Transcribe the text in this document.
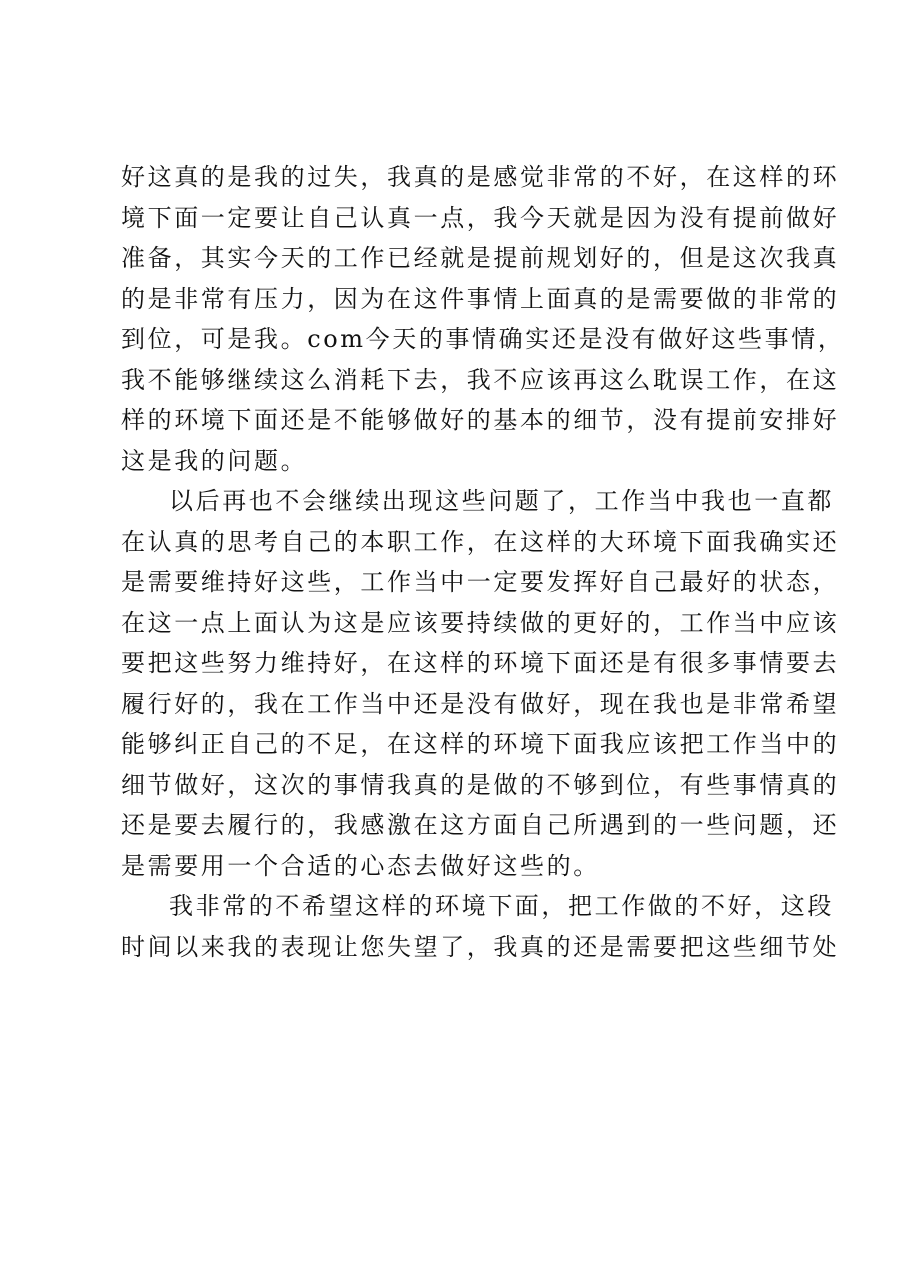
好这真的是我的过失，我真的是感觉非常的不好，在这样的环
境下面一定要让自己认真一点，我今天就是因为没有提前做好
准备，其实今天的工作已经就是提前规划好的，但是这次我真
的是非常有压力，因为在这件事情上面真的是需要做的非常的
到位，可是我。com今天的事情确实还是没有做好这些事情，
我不能够继续这么消耗下去，我不应该再这么耽误工作，在这
样的环境下面还是不能够做好的基本的细节，没有提前安排好
这是我的问题。

以后再也不会继续出现这些问题了，工作当中我也一直都
在认真的思考自己的本职工作，在这样的大环境下面我确实还
是需要维持好这些，工作当中一定要发挥好自己最好的状态，
在这一点上面认为这是应该要持续做的更好的，工作当中应该
要把这些努力维持好，在这样的环境下面还是有很多事情要去
履行好的，我在工作当中还是没有做好，现在我也是非常希望
能够纠正自己的不足，在这样的环境下面我应该把工作当中的
细节做好，这次的事情我真的是做的不够到位，有些事情真的
还是要去履行的，我感激在这方面自己所遇到的一些问题，还
是需要用一个合适的心态去做好这些的。

我非常的不希望这样的环境下面，把工作做的不好，这段
时间以来我的表现让您失望了，我真的还是需要把这些细节处
